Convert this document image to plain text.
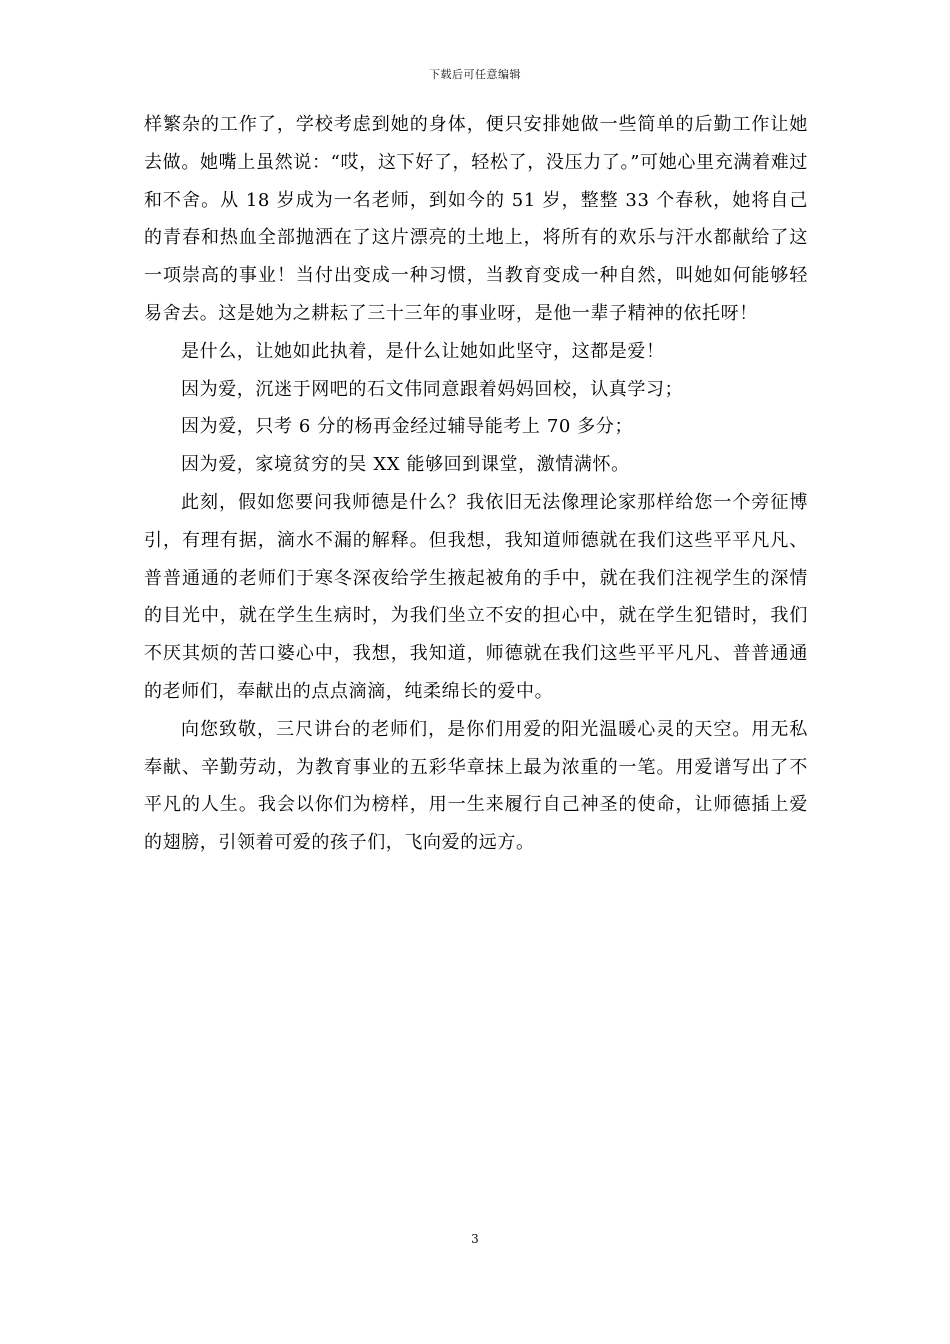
下载后可任意编辑

样繁杂的工作了，学校考虑到她的身体，便只安排她做一些简单的后勤工作让她去做。她嘴上虽然说：“哎，这下好了，轻松了，没压力了。”可她心里充满着难过和不舍。从 18 岁成为一名老师，到如今的 51 岁，整整 33 个春秋，她将自己的青春和热血全部抛洒在了这片漂亮的土地上，将所有的欢乐与汗水都献给了这一项崇高的事业！当付出变成一种习惯，当教育变成一种自然，叫她如何能够轻易舍去。这是她为之耕耘了三十三年的事业呀，是他一辈子精神的依托呀！

是什么，让她如此执着，是什么让她如此坚守，这都是爱！

因为爱，沉迷于网吧的石文伟同意跟着妈妈回校，认真学习；

因为爱，只考 6 分的杨再金经过辅导能考上 70 多分；

因为爱，家境贫穷的吴 XX 能够回到课堂，激情满怀。

此刻，假如您要问我师德是什么？我依旧无法像理论家那样给您一个旁征博引，有理有据，滴水不漏的解释。但我想，我知道师德就在我们这些平平凡凡、普普通通的老师们于寒冬深夜给学生掖起被角的手中，就在我们注视学生的深情的目光中，就在学生生病时，为我们坐立不安的担心中，就在学生犯错时，我们不厌其烦的苦口婆心中，我想，我知道，师德就在我们这些平平凡凡、普普通通的老师们，奉献出的点点滴滴，纯柔绵长的爱中。

向您致敬，三尺讲台的老师们，是你们用爱的阳光温暖心灵的天空。用无私奉献、辛勤劳动，为教育事业的五彩华章抹上最为浓重的一笔。用爱谱写出了不平凡的人生。我会以你们为榜样，用一生来履行自己神圣的使命，让师德插上爱的翅膀，引领着可爱的孩子们，飞向爱的远方。

3
